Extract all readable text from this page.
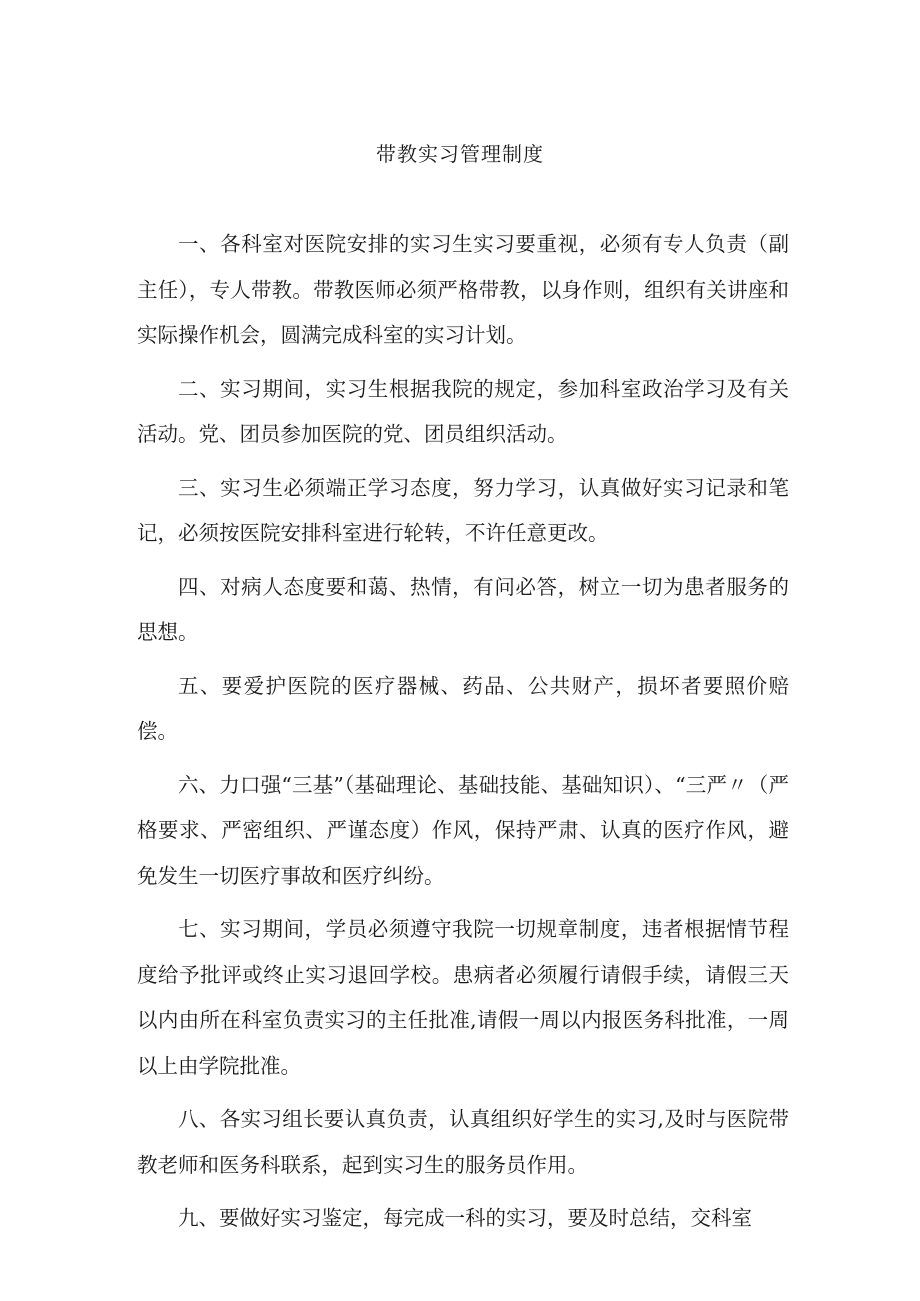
带教实习管理制度

一、各科室对医院安排的实习生实习要重视，必须有专人负责（副主任），专人带教。带教医师必须严格带教，以身作则，组织有关讲座和实际操作机会，圆满完成科室的实习计划。

二、实习期间，实习生根据我院的规定，参加科室政治学习及有关活动。党、团员参加医院的党、团员组织活动。

三、实习生必须端正学习态度，努力学习，认真做好实习记录和笔记，必须按医院安排科室进行轮转，不许任意更改。

四、对病人态度要和蔼、热情，有问必答，树立一切为患者服务的思想。

五、要爱护医院的医疗器械、药品、公共财产，损坏者要照价赔偿。

六、力口强“三基”（基础理论、基础技能、基础知识）、“三严〃（严格要求、严密组织、严谨态度）作风，保持严肃、认真的医疗作风，避免发生一切医疗事故和医疗纠纷。

七、实习期间，学员必须遵守我院一切规章制度，违者根据情节程度给予批评或终止实习退回学校。患病者必须履行请假手续，请假三天以内由所在科室负责实习的主任批准,请假一周以内报医务科批准，一周以上由学院批准。

八、各实习组长要认真负责，认真组织好学生的实习,及时与医院带教老师和医务科联系，起到实习生的服务员作用。

九、要做好实习鉴定，每完成一科的实习，要及时总结，交科室
